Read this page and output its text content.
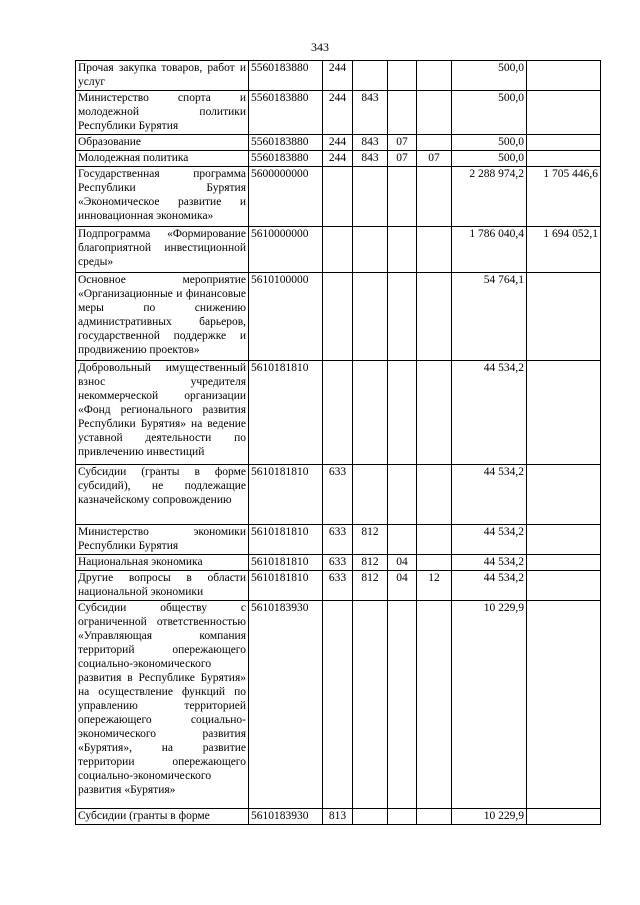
343
Прочая закупка товаров, работ и услуг	5560183880	244				500,0	
Министерство спорта и молодежной политики Республики Бурятия	5560183880	244	843			500,0	
Образование	5560183880	244	843	07		500,0	
Молодежная политика	5560183880	244	843	07	07	500,0	
Государственная программа Республики Бурятия «Экономическое развитие и инновационная экономика»	5600000000					2 288 974,2	1 705 446,6
Подпрограмма «Формирование благоприятной инвестиционной среды»	5610000000					1 786 040,4	1 694 052,1
Основное мероприятие «Организационные и финансовые меры по снижению административных барьеров, государственной поддержке и продвижению проектов»	5610100000					54 764,1	
Добровольный имущественный взнос учредителя некоммерческой организации «Фонд регионального развития Республики Бурятия» на ведение уставной деятельности по привлечению инвестиций	5610181810					44 534,2	
Субсидии (гранты в форме субсидий), не подлежащие казначейскому сопровождению	5610181810	633				44 534,2	
Министерство экономики Республики Бурятия	5610181810	633	812			44 534,2	
Национальная экономика	5610181810	633	812	04		44 534,2	
Другие вопросы в области национальной экономики	5610181810	633	812	04	12	44 534,2	
Субсидии обществу с ограниченной ответственностью «Управляющая компания территорий опережающего социально-экономического развития в Республике Бурятия» на осуществление функций по управлению территорией опережающего социально-экономического развития «Бурятия», на развитие территории опережающего социально-экономического развития «Бурятия»	5610183930					10 229,9	
Субсидии (гранты в форме	5610183930	813				10 229,9	
